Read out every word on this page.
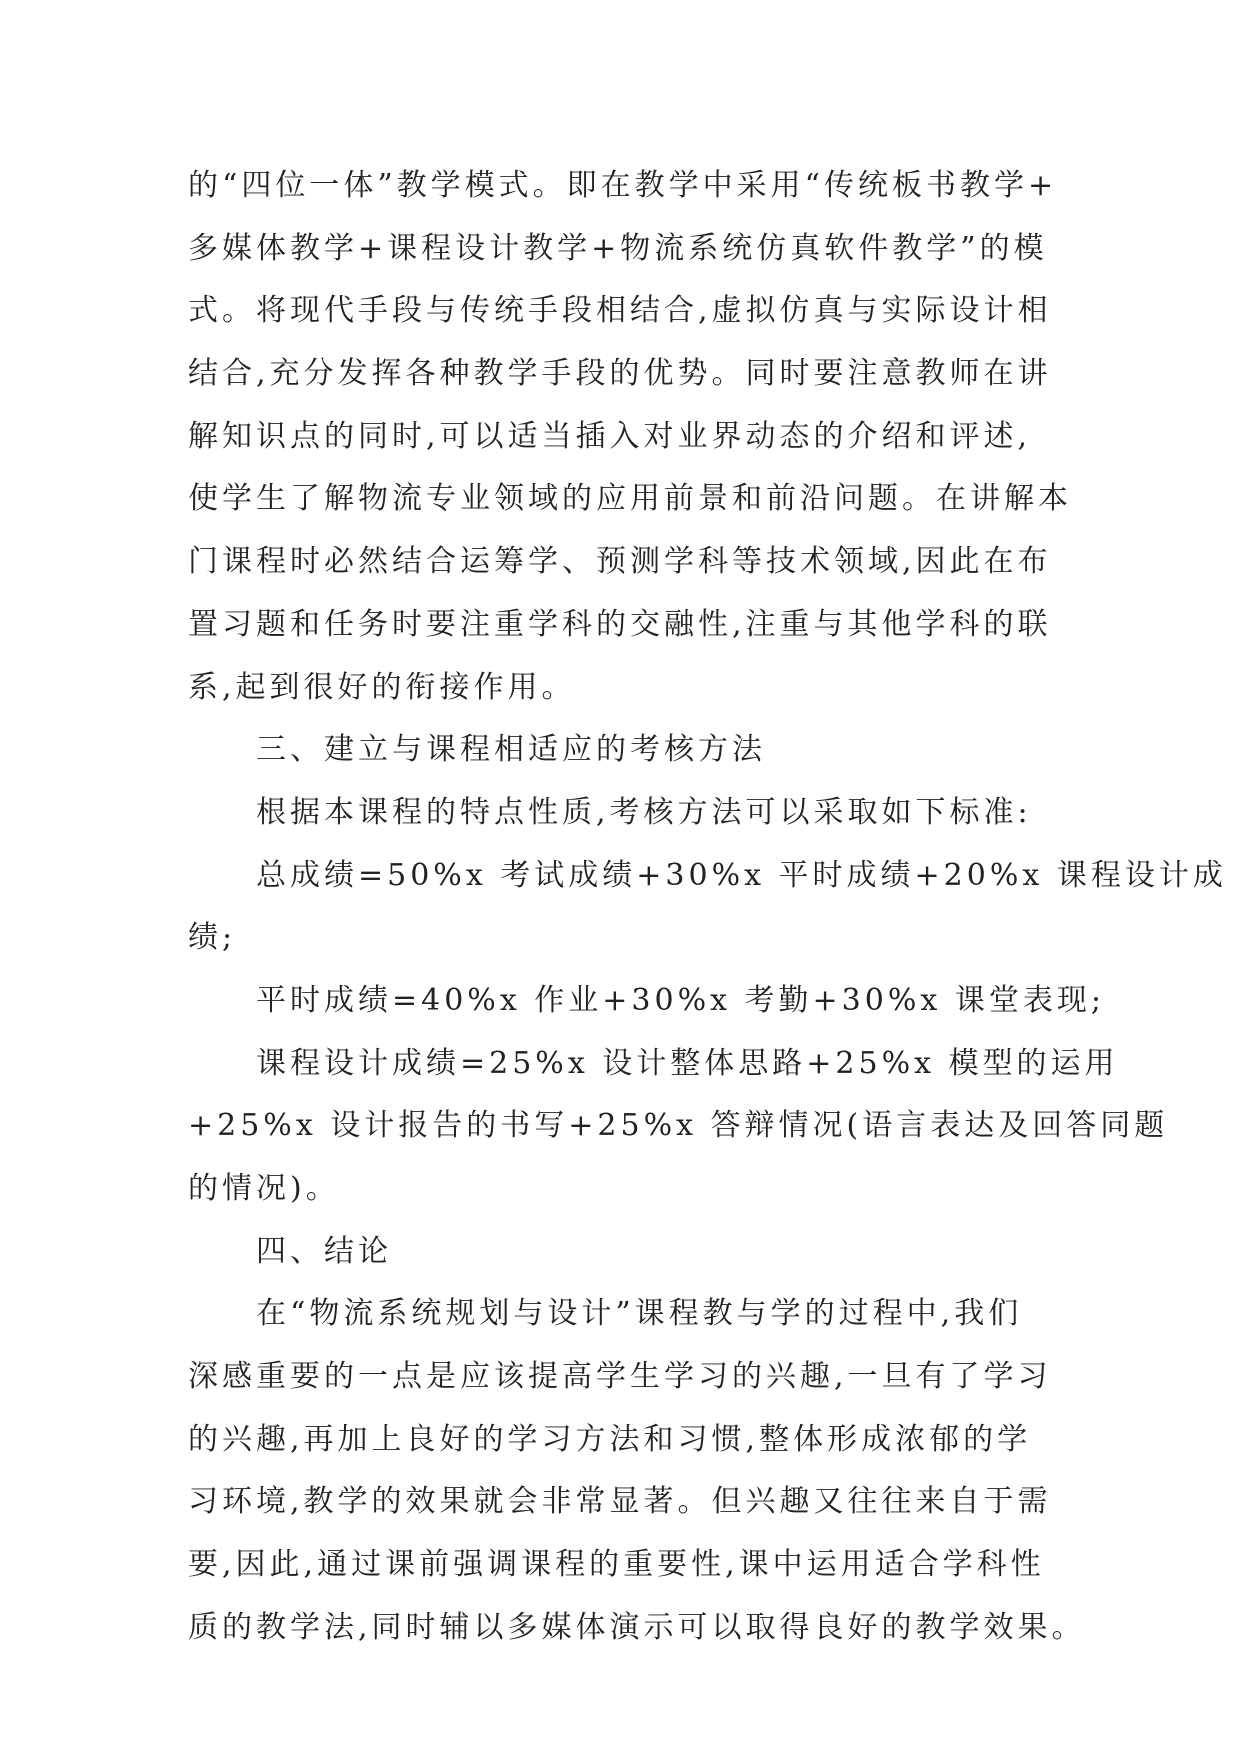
的“四位一体”教学模式。即在教学中采用“传统板书教学+
多媒体教学+课程设计教学+物流系统仿真软件教学”的模
式。将现代手段与传统手段相结合,虚拟仿真与实际设计相
结合,充分发挥各种教学手段的优势。同时要注意教师在讲
解知识点的同时,可以适当插入对业界动态的介绍和评述,
使学生了解物流专业领域的应用前景和前沿问题。在讲解本
门课程时必然结合运筹学、预测学科等技术领域,因此在布
置习题和任务时要注重学科的交融性,注重与其他学科的联
系,起到很好的衔接作用。
三、建立与课程相适应的考核方法
根据本课程的特点性质,考核方法可以采取如下标准:
总成绩=50%x 考试成绩+30%x 平时成绩+20%x 课程设计成
绩;
平时成绩=40%x 作业+30%x 考勤+30%x 课堂表现;
课程设计成绩=25%x 设计整体思路+25%x 模型的运用
+25%x 设计报告的书写+25%x 答辩情况(语言表达及回答同题
的情况)。
四、结论
在“物流系统规划与设计”课程教与学的过程中,我们
深感重要的一点是应该提高学生学习的兴趣,一旦有了学习
的兴趣,再加上良好的学习方法和习惯,整体形成浓郁的学
习环境,教学的效果就会非常显著。但兴趣又往往来自于需
要,因此,通过课前强调课程的重要性,课中运用适合学科性
质的教学法,同时辅以多媒体演示可以取得良好的教学效果。
